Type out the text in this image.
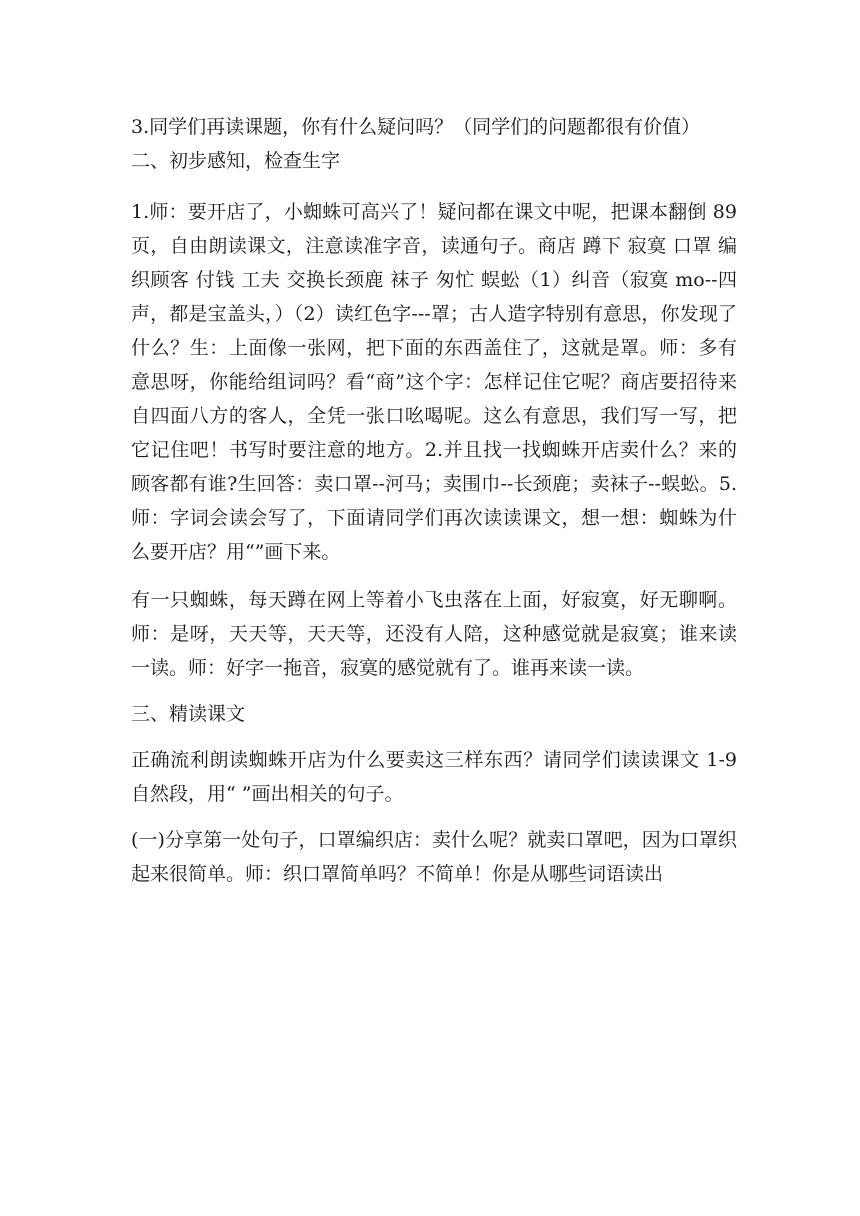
3.同学们再读课题，你有什么疑问吗？（同学们的问题都很有价值）

二、初步感知，检查生字

1.师：要开店了，小蜘蛛可高兴了！疑问都在课文中呢，把课本翻倒 89 页，自由朗读课文，注意读准字音，读通句子。商店 蹲下 寂寞 口罩 编织顾客 付钱 工夫 交换长颈鹿 袜子 匆忙 蜈蚣（1）纠音（寂寞 mo--四声，都是宝盖头，）（2）读红色字---罩；古人造字特别有意思，你发现了什么？生：上面像一张网，把下面的东西盖住了，这就是罩。师：多有意思呀，你能给组词吗？看“商”这个字：怎样记住它呢？商店要招待来自四面八方的客人，全凭一张口吆喝呢。这么有意思，我们写一写，把它记住吧！书写时要注意的地方。2.并且找一找蜘蛛开店卖什么？来的顾客都有谁?生回答：卖口罩--河马；卖围巾--长颈鹿；卖袜子--蜈蚣。5.师：字词会读会写了，下面请同学们再次读读课文，想一想：蜘蛛为什么要开店？用“”画下来。

有一只蜘蛛，每天蹲在网上等着小飞虫落在上面，好寂寞，好无聊啊。师：是呀，天天等，天天等，还没有人陪，这种感觉就是寂寞；谁来读一读。师：好字一拖音，寂寞的感觉就有了。谁再来读一读。

三、精读课文

正确流利朗读蜘蛛开店为什么要卖这三样东西？请同学们读读课文 1-9 自然段，用“ ”画出相关的句子。

(一)分享第一处句子，口罩编织店：卖什么呢？就卖口罩吧，因为口罩织起来很简单。师：织口罩简单吗？不简单！你是从哪些词语读出
